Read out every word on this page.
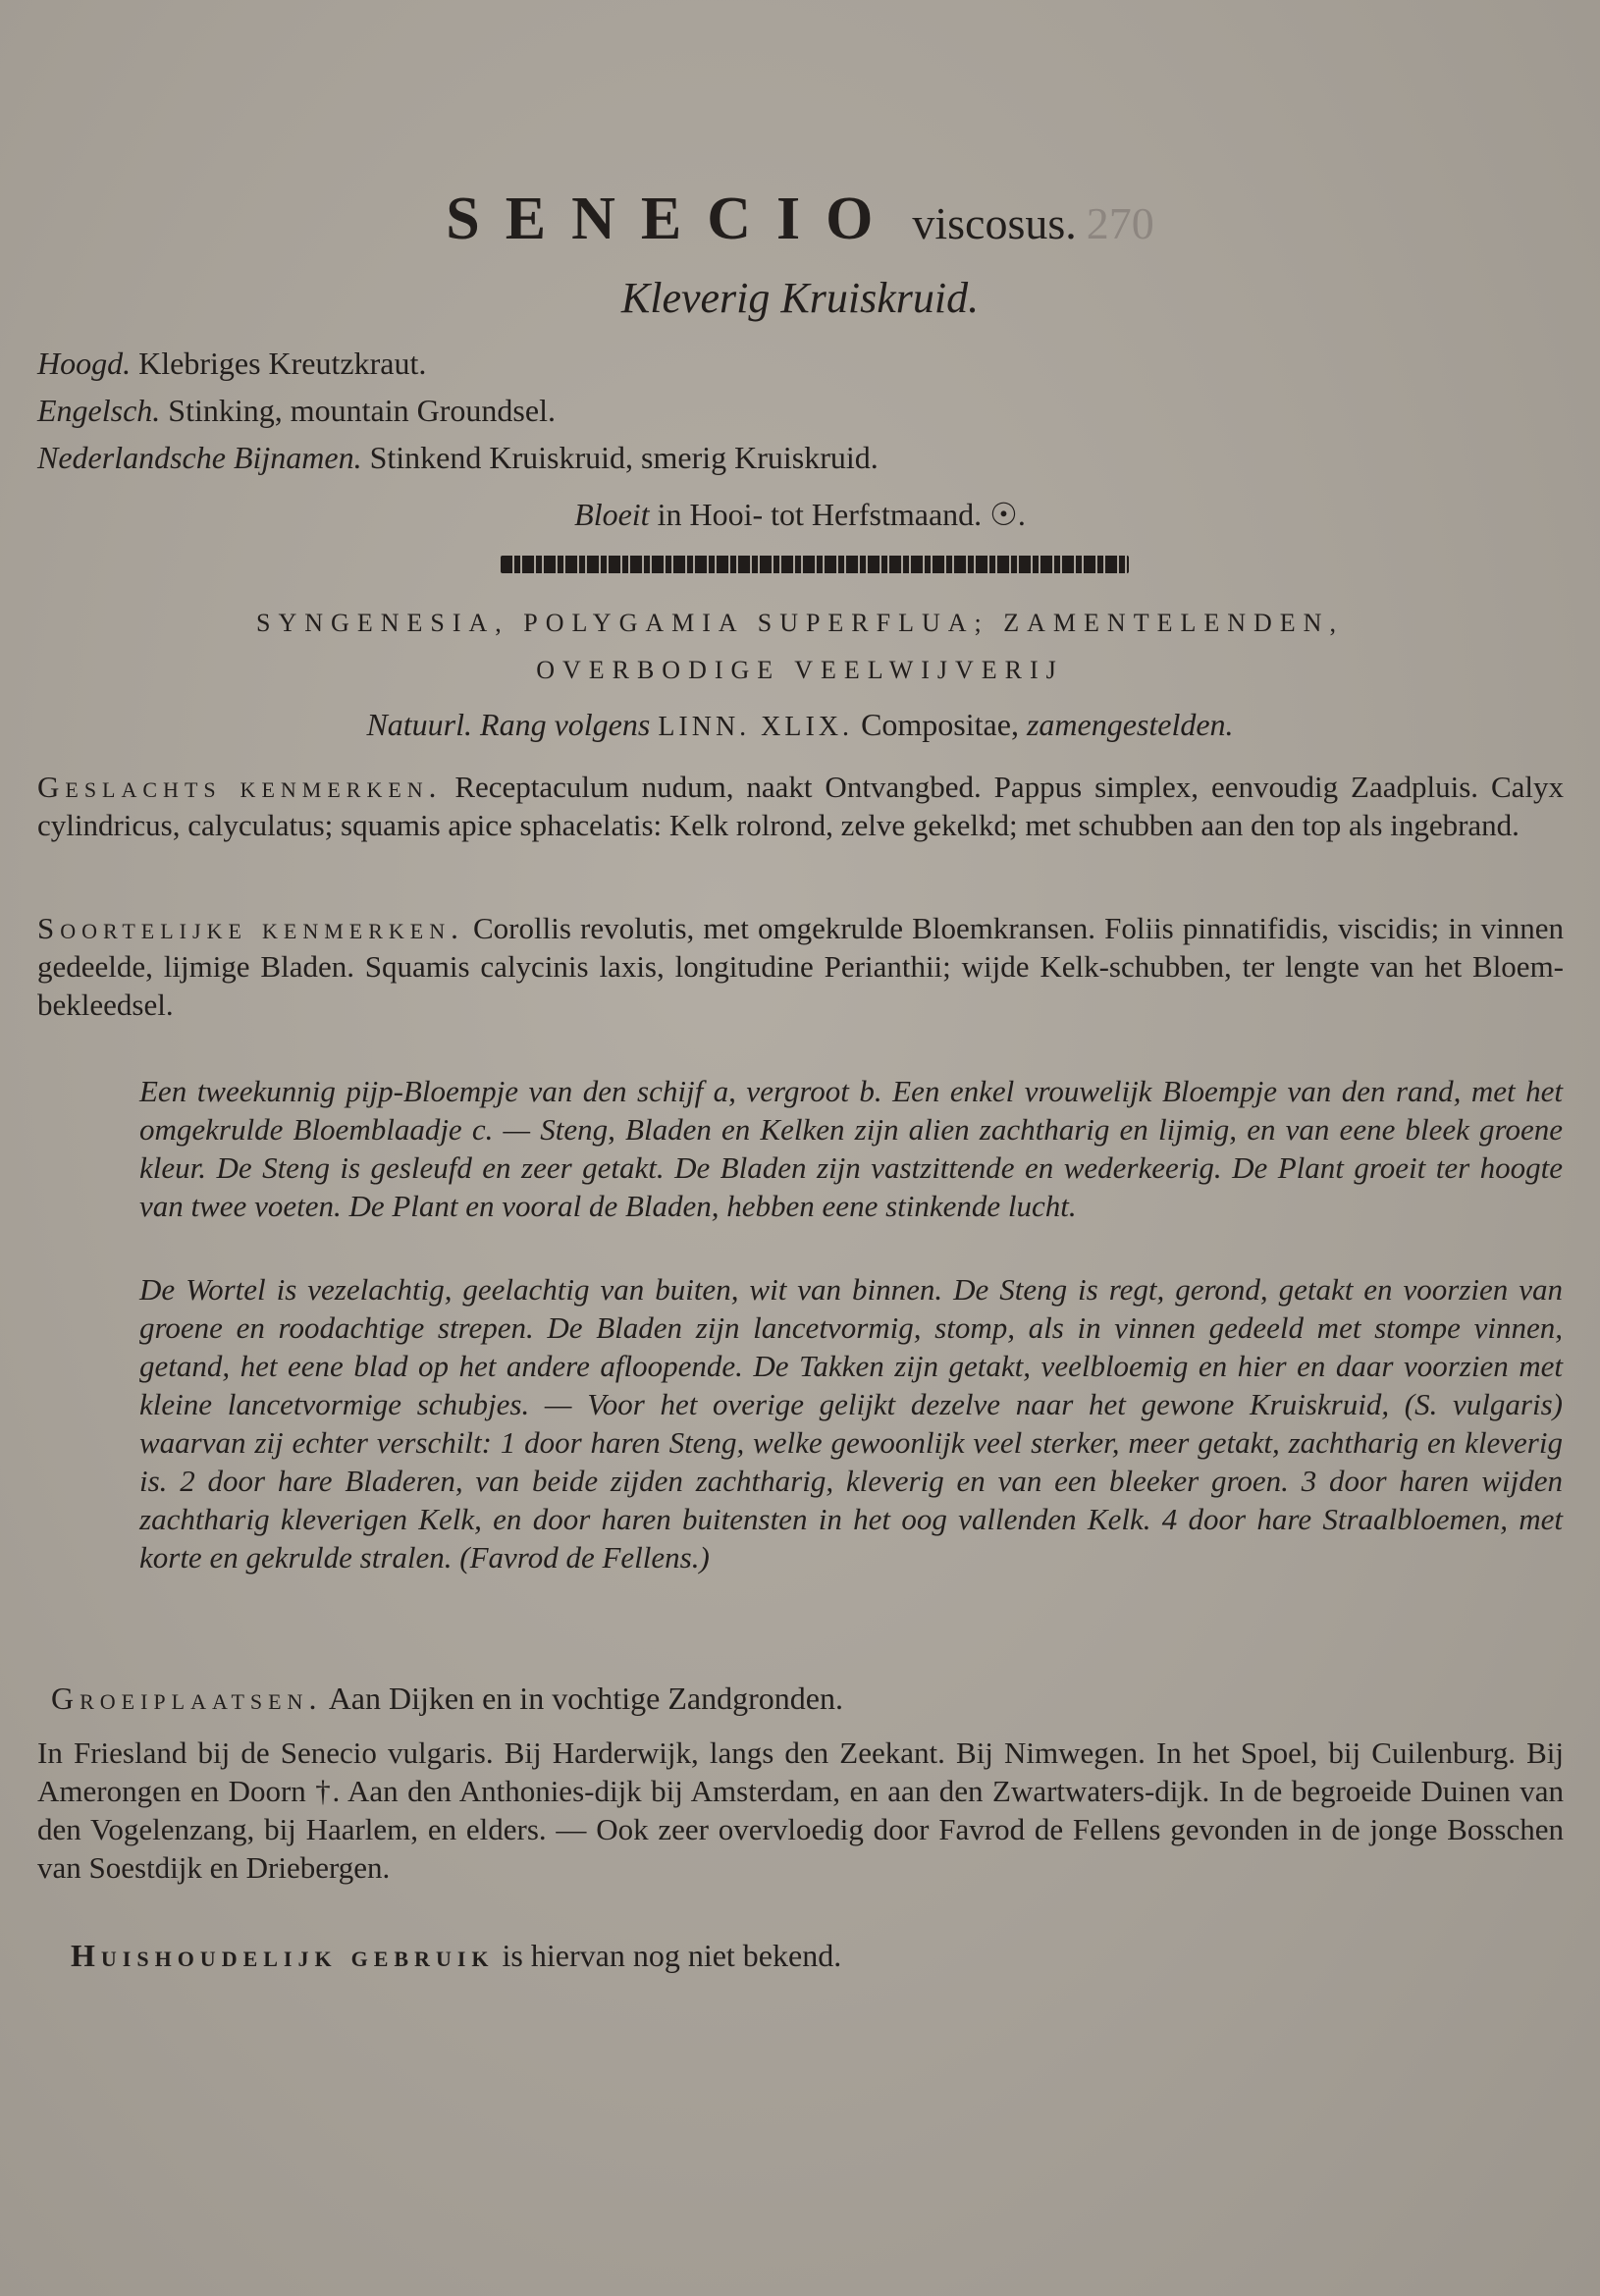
SENECIO viscosus. 270
Kleverig Kruiskruid.
Hoogd. Klebriges Kreutzkraut.
Engelsch. Stinking, mountain Groundsel.
Nederlandsche Bijnamen. Stinkend Kruiskruid, smerig Kruiskruid.
Bloeit in Hooi- tot Herfstmaand. ☉.
SYNGENESIA, POLYGAMIA SUPERFLUA; ZAMENTELENDEN,
OVERBODIGE VEELWIJVERIJ
Natuurl. Rang volgens LINN. XLIX. Compositae, zamengestelden.
Geslachts kenmerken. Receptaculum nudum, naakt Ontvangbed. Pappus simplex, eenvoudig Zaadpluis. Calyx cylindricus, calyculatus; squamis apice sphacelatis: Kelk rolrond, zelve gekelkd; met schubben aan den top als ingebrand.
Soortelijke kenmerken. Corollis revolutis, met omgekrulde Bloemkransen. Foliis pinnatifidis, viscidis; in vinnen gedeelde, lijmige Bladen. Squamis calycinis laxis, longitudine Perianthii; wijde Kelk-schubben, ter lengte van het Bloem-bekleedsel.
Een tweekunnig pijp-Bloempje van den schijf a, vergroot b. Een enkel vrouwelijk Bloempje van den rand, met het omgekrulde Bloemblaadje c. — Steng, Bladen en Kelken zijn alien zachtharig en lijmig, en van eene bleek groene kleur. De Steng is gesleufd en zeer getakt. De Bladen zijn vastzittende en wederkeerig. De Plant groeit ter hoogte van twee voeten. De Plant en vooral de Bladen, hebben eene stinkende lucht.
De Wortel is vezelachtig, geelachtig van buiten, wit van binnen. De Steng is regt, gerond, getakt en voorzien van groene en roodachtige strepen. De Bladen zijn lancetvormig, stomp, als in vinnen gedeeld met stompe vinnen, getand, het eene blad op het andere afloopende. De Takken zijn getakt, veelbloemig en hier en daar voorzien met kleine lancetvormige schubjes. — Voor het overige gelijkt dezelve naar het gewone Kruiskruid, (S. vulgaris) waarvan zij echter verschilt: 1 door haren Steng, welke gewoonlijk veel sterker, meer getakt, zachtharig en kleverig is. 2 door hare Bladeren, van beide zijden zachtharig, kleverig en van een bleeker groen. 3 door haren wijden zachtharig kleverigen Kelk, en door haren buitensten in het oog vallenden Kelk. 4 door hare Straalbloemen, met korte en gekrulde stralen. (Favrod de Fellens.)
Groeiplaatsen. Aan Dijken en in vochtige Zandgronden.
In Friesland bij de Senecio vulgaris. Bij Harderwijk, langs den Zeekant. Bij Nimwegen. In het Spoel, bij Cuilenburg. Bij Amerongen en Doorn †. Aan den Anthonies-dijk bij Amsterdam, en aan den Zwartwaters-dijk. In de begroeide Duinen van den Vogelenzang, bij Haarlem, en elders. — Ook zeer overvloedig door Favrod de Fellens gevonden in de jonge Bosschen van Soestdijk en Driebergen.
Huishoudelijk gebruik is hiervan nog niet bekend.
